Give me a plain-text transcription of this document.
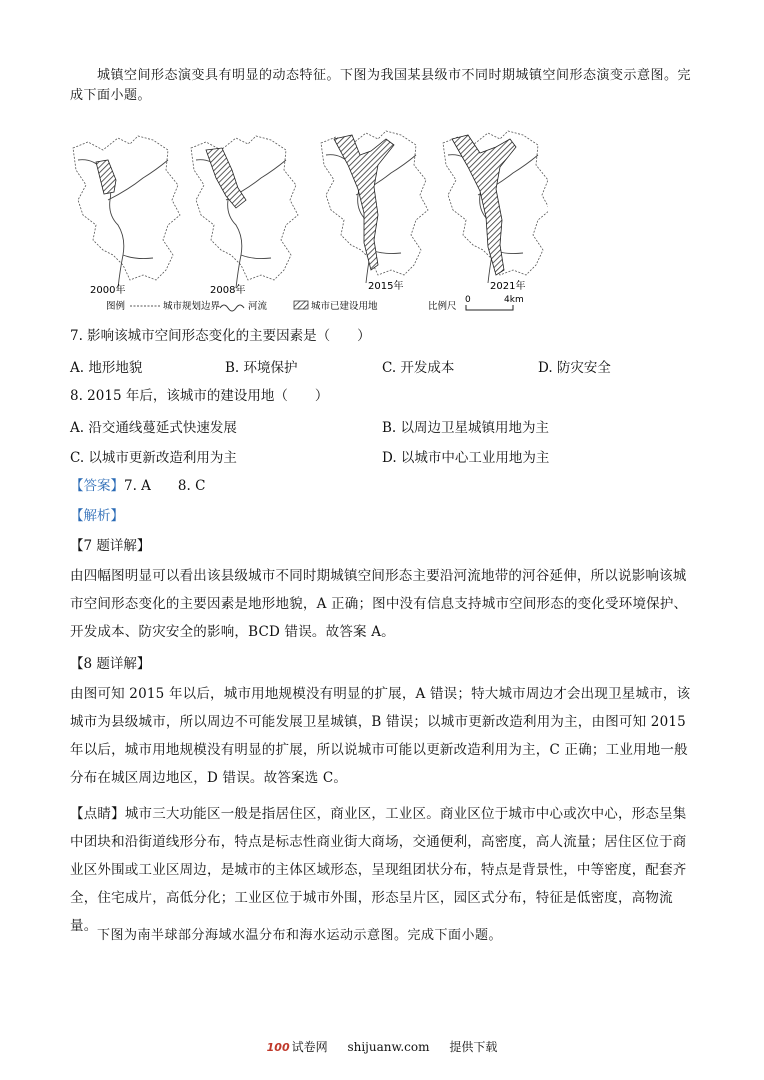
城镇空间形态演变具有明显的动态特征。下图为我国某县级市不同时期城镇空间形态演变示意图。完成下面小题。

2000年	2008年	2015年	2021年
图例	城市规划边界	河流	城市已建设用地	比例尺
0	4km

7. 影响该城市空间形态变化的主要因素是（　　）

A. 地形地貌	B. 环境保护	C. 开发成本	D. 防灾安全

8. 2015 年后，该城市的建设用地（　　）

A. 沿交通线蔓延式快速发展	B. 以周边卫星城镇用地为主
C. 以城市更新改造利用为主	D. 以城市中心工业用地为主

【答案】7. A　　8. C

【解析】

【7 题详解】

由四幅图明显可以看出该县级城市不同时期城镇空间形态主要沿河流地带的河谷延伸，所以说影响该城市空间形态变化的主要因素是地形地貌，A 正确；图中没有信息支持城市空间形态的变化受环境保护、开发成本、防灾安全的影响，BCD 错误。故答案 A。

【8 题详解】

由图可知 2015 年以后，城市用地规模没有明显的扩展，A 错误；特大城市周边才会出现卫星城市，该城市为县级城市，所以周边不可能发展卫星城镇，B 错误；以城市更新改造利用为主，由图可知 2015 年以后，城市用地规模没有明显的扩展，所以说城市可能以更新改造利用为主，C 正确；工业用地一般分布在城区周边地区，D 错误。故答案选 C。

【点睛】城市三大功能区一般是指居住区，商业区，工业区。商业区位于城市中心或次中心，形态呈集中团块和沿街道线形分布，特点是标志性商业街大商场，交通便利，高密度，高人流量；居住区位于商业区外围或工业区周边，是城市的主体区域形态，呈现组团状分布，特点是背景性，中等密度，配套齐全，住宅成片，高低分化；工业区位于城市外围，形态呈片区，园区式分布，特征是低密度，高物流量。

下图为南半球部分海域水温分布和海水运动示意图。完成下面小题。

100 试卷网 shijuanw.com 提供下载
